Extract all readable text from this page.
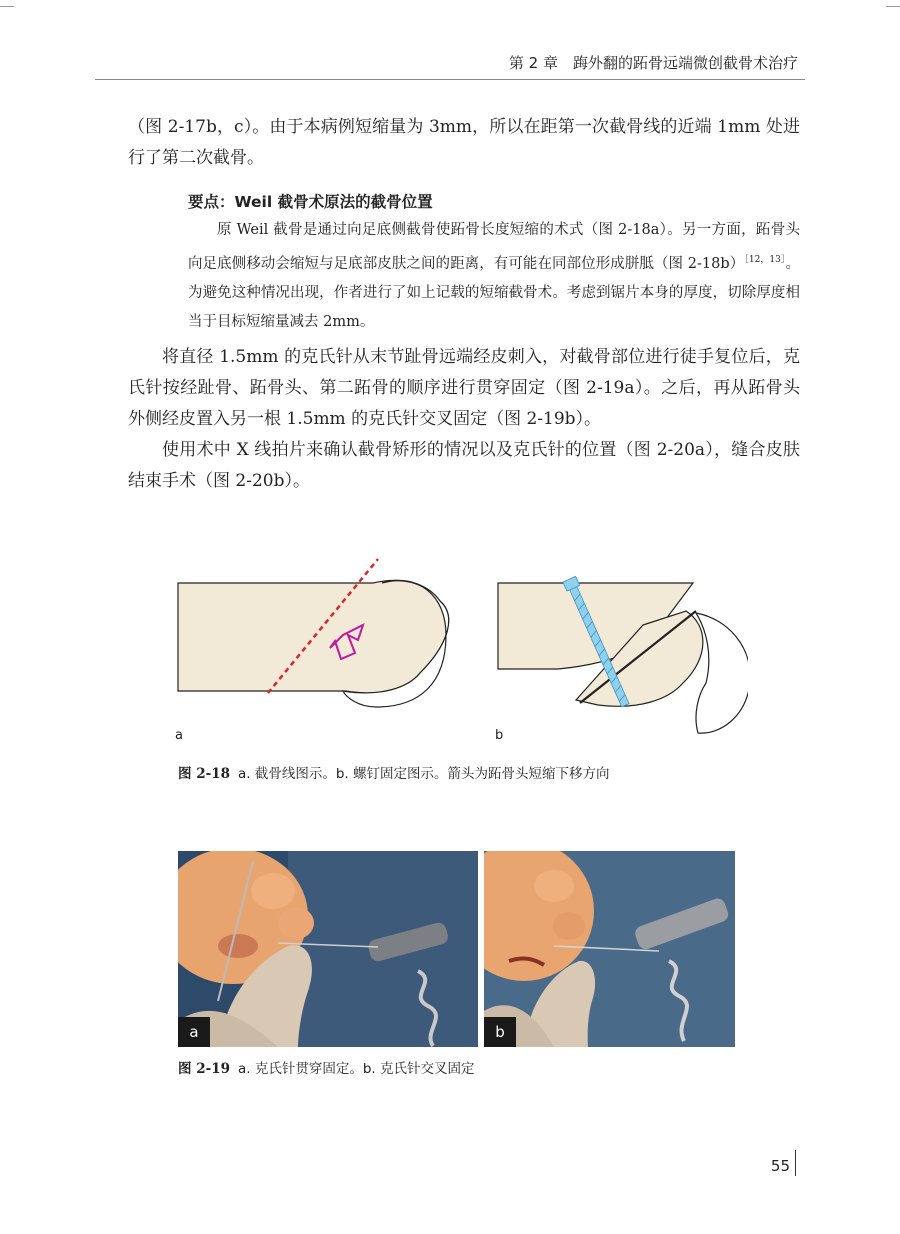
第 2 章　踇外翻的跖骨远端微创截骨术治疗

（图 2-17b，c）。由于本病例短缩量为 3mm，所以在距第一次截骨线的近端 1mm 处进行了第二次截骨。

要点：Weil 截骨术原法的截骨位置

原 Weil 截骨是通过向足底侧截骨使跖骨长度短缩的术式（图 2-18a）。另一方面，跖骨头向足底侧移动会缩短与足底部皮肤之间的距离，有可能在同部位形成胼胝（图 2-18b）$^{[12,13]}$。为避免这种情况出现，作者进行了如上记载的短缩截骨术。考虑到锯片本身的厚度，切除厚度相当于目标短缩量减去 2mm。

将直径 1.5mm 的克氏针从末节趾骨远端经皮刺入，对截骨部位进行徒手复位后，克氏针按经趾骨、跖骨头、第二跖骨的顺序进行贯穿固定（图 2-19a）。之后，再从跖骨头外侧经皮置入另一根 1.5mm 的克氏针交叉固定（图 2-19b）。

使用术中 X 线拍片来确认截骨矫形的情况以及克氏针的位置（图 2-20a），缝合皮肤结束手术（图 2-20b）。

a	b
图 2-18 a. 截骨线图示。b. 螺钉固定图示。箭头为跖骨头短缩下移方向
a	b
图 2-19 a. 克氏针贯穿固定。b. 克氏针交叉固定
55
